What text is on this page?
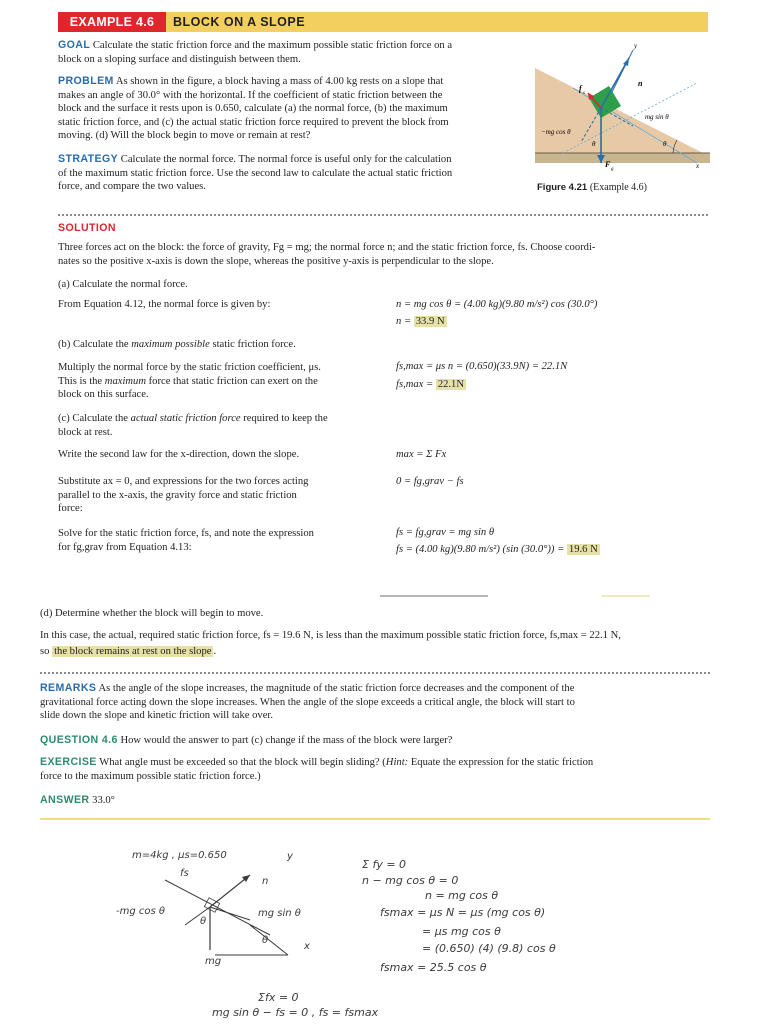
EXAMPLE 4.6	BLOCK ON A SLOPE
GOAL Calculate the static friction force and the maximum possible static friction force on a
block on a sloping surface and distinguish between them.
PROBLEM As shown in the figure, a block having a mass of 4.00 kg rests on a slope that
makes an angle of 30.0° with the horizontal. If the coefficient of static friction between the
block and the surface it rests upon is 0.650, calculate (a) the normal force, (b) the maximum
static friction force, and (c) the actual static friction force required to prevent the block from
moving. (d) Will the block begin to move or remain at rest?
STRATEGY Calculate the normal force. The normal force is useful only for the calculation
of the maximum static friction force. Use the second law to calculate the actual static friction
force, and compare the two values.
y
n
f
s
mg sin θ
−mg cos θ
θ	θ
F
g	x
Figure 4.21 (Example 4.6)
SOLUTION
Three forces act on the block: the force of gravity, Fg = mg; the normal force n; and the static friction force, fs. Choose coordi-
nates so the positive x-axis is down the slope, whereas the positive y-axis is perpendicular to the slope.
(a) Calculate the normal force.
From Equation 4.12, the normal force is given by:	n = mg cos θ = (4.00 kg)(9.80 m/s²) cos (30.0°)
n = 33.9 N
(b) Calculate the maximum possible static friction force.
Multiply the normal force by the static friction coefficient, μs.
This is the maximum force that static friction can exert on the
block on this surface.
fs,max = μs n = (0.650)(33.9N) = 22.1N
fs,max = 22.1N
(c) Calculate the actual static friction force required to keep the
block at rest.
Write the second law for the x-direction, down the slope.	max = Σ Fx
Substitute ax = 0, and expressions for the two forces acting
parallel to the x-axis, the gravity force and static friction
force:
0 = fg,grav − fs
Solve for the static friction force, fs, and note the expression
for fg,grav from Equation 4.13:
fs = fg,grav = mg sin θ
fs = (4.00 kg)(9.80 m/s²) (sin (30.0°)) = 19.6 N
(d) Determine whether the block will begin to move.
In this case, the actual, required static friction force, fs = 19.6 N, is less than the maximum possible static friction force, fs,max = 22.1 N,
so the block remains at rest on the slope .
REMARKS As the angle of the slope increases, the magnitude of the static friction force decreases and the component of the
gravitational force acting down the slope increases. When the angle of the slope exceeds a critical angle, the block will start to
slide down the slope and kinetic friction will take over.
QUESTION 4.6 How would the answer to part (c) change if the mass of the block were larger?
EXERCISE What angle must be exceeded so that the block will begin sliding? (Hint: Equate the expression for the static friction
force to the maximum possible static friction force.)
ANSWER 33.0°
m=4kg , μs=0.650	y
fs
n
-mg cos θ	mg sin θ
θ
θ
x
mg
Σ fy = 0
n − mg cos θ = 0
n = mg cos θ
fsmax = μs N = μs (mg cos θ)
= μs mg cos θ
= (0.650) (4) (9.8) cos θ
fsmax = 25.5 cos θ
Σfx = 0
mg sin θ − fs = 0 , fs = fsmax
